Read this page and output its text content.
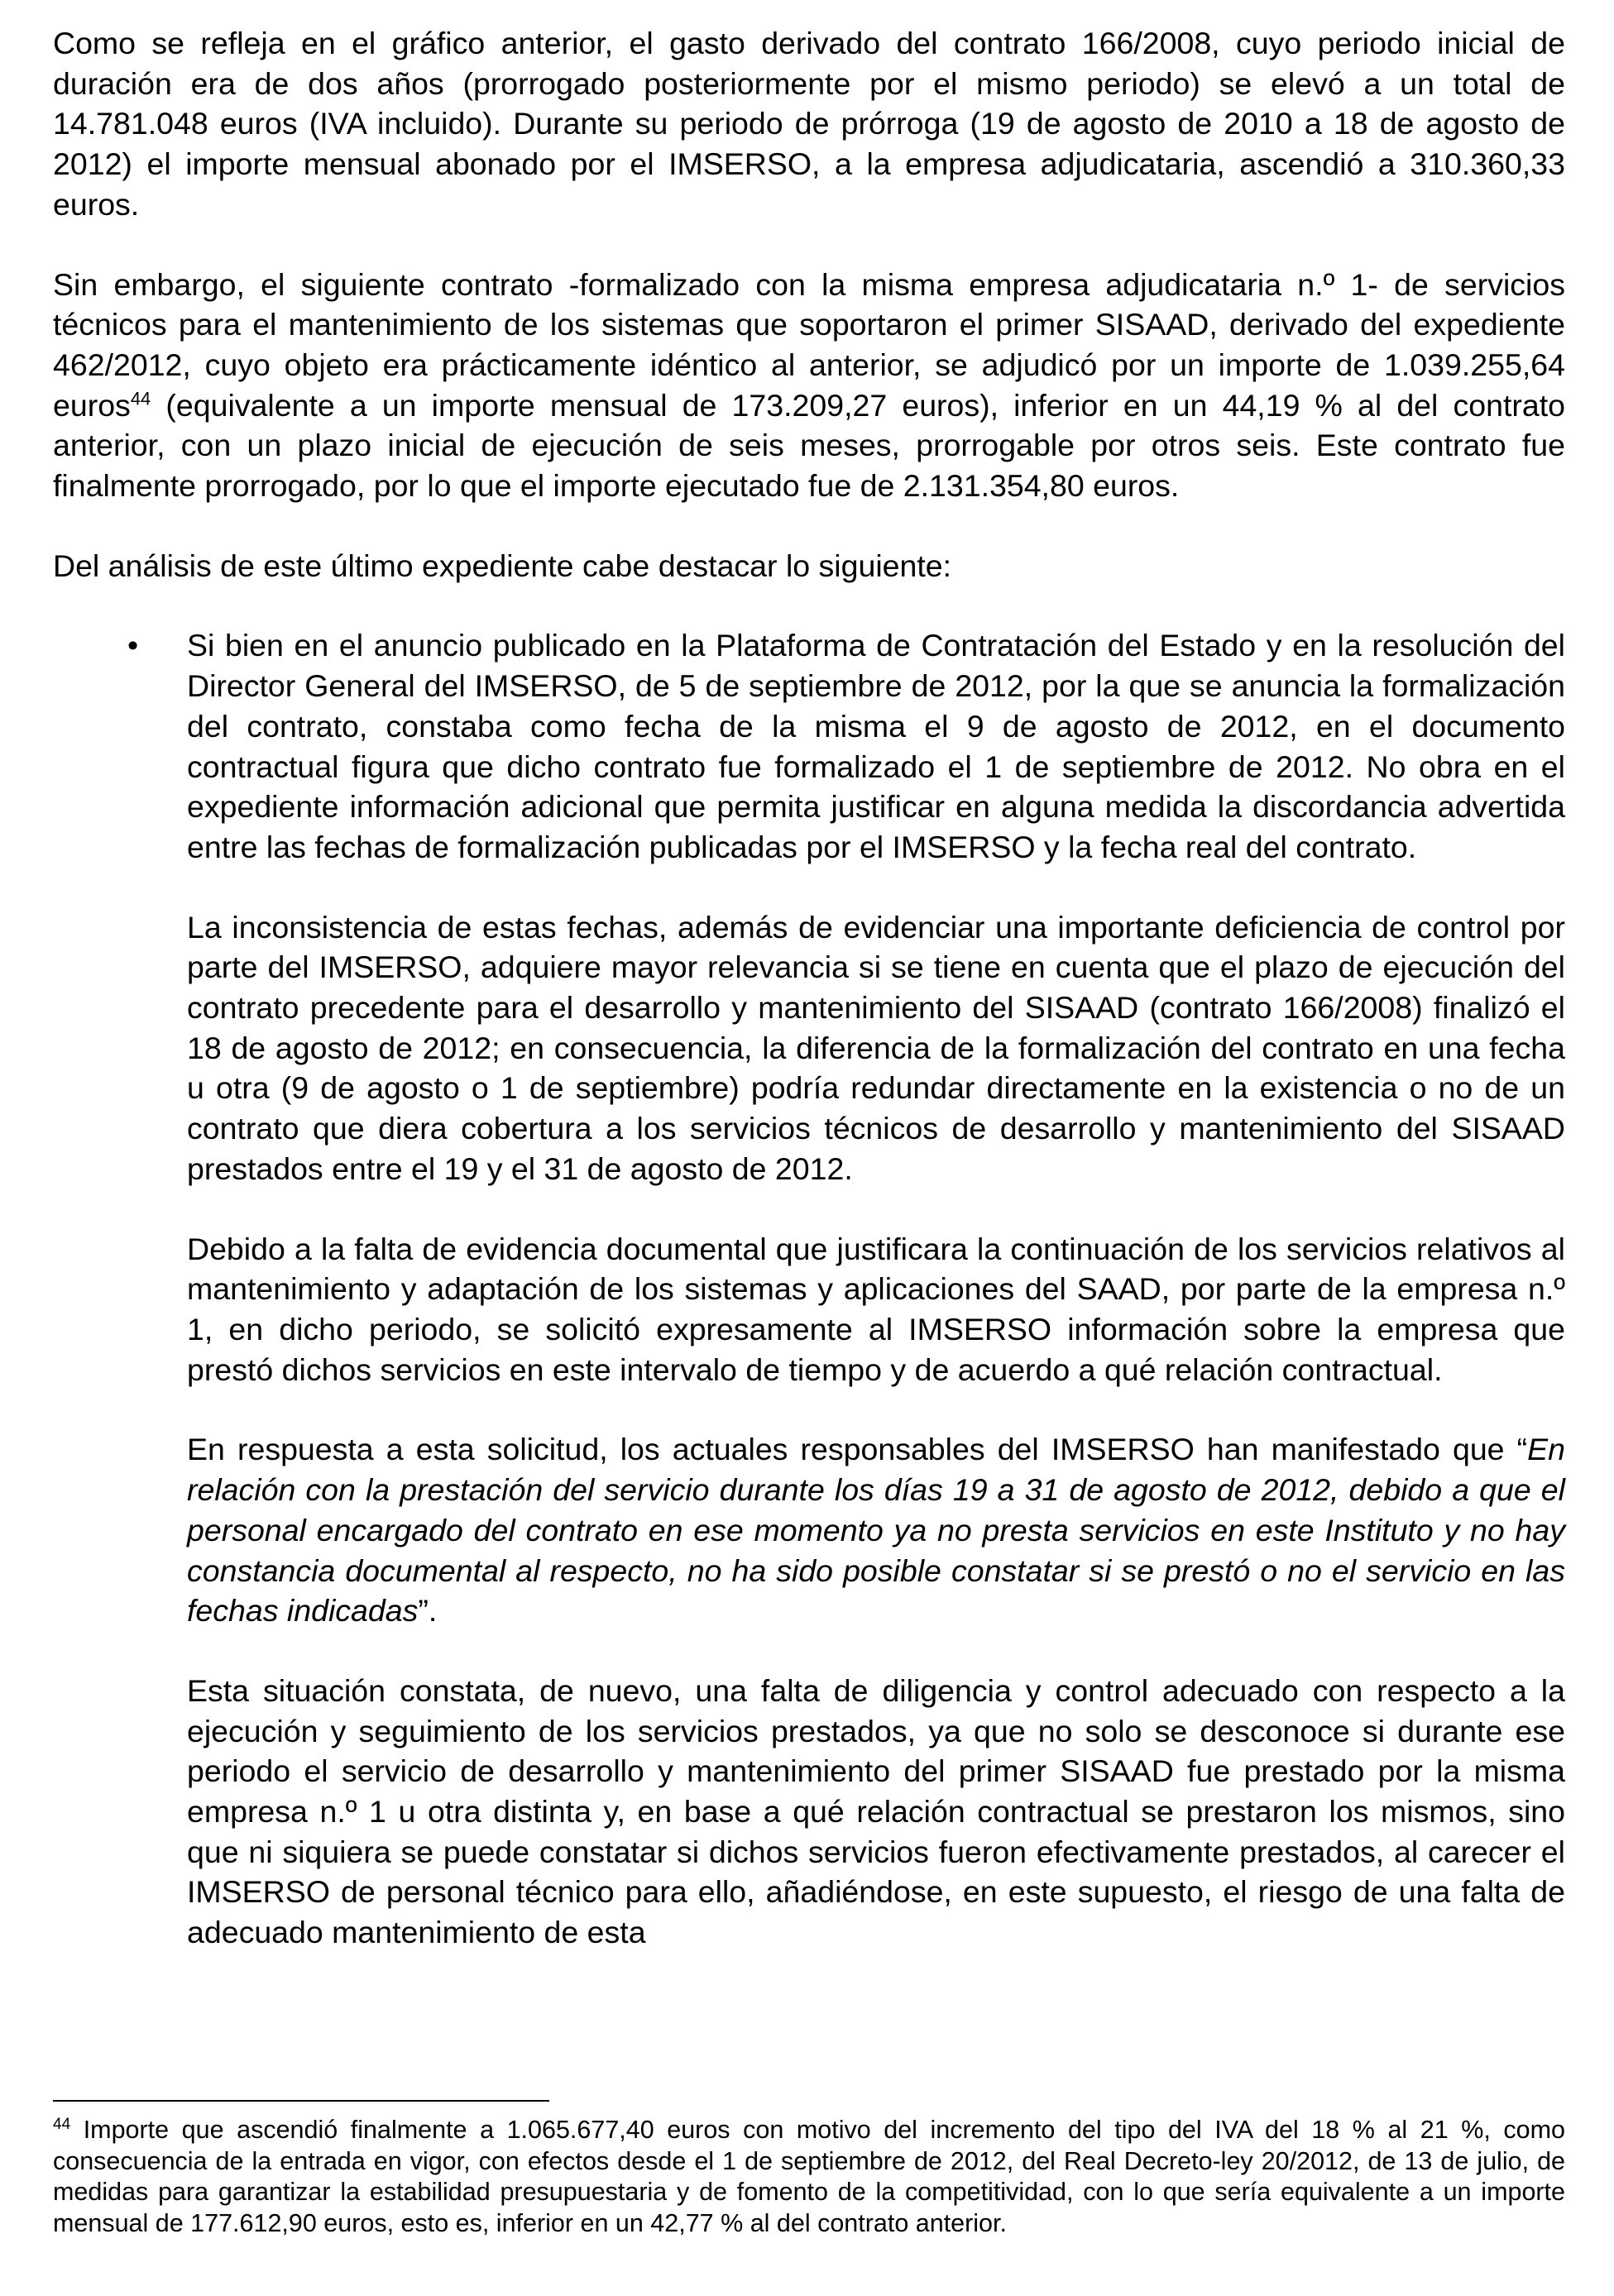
Como se refleja en el gráfico anterior, el gasto derivado del contrato 166/2008, cuyo periodo inicial de duración era de dos años (prorrogado posteriormente por el mismo periodo) se elevó a un total de 14.781.048 euros (IVA incluido). Durante su periodo de prórroga (19 de agosto de 2010 a 18 de agosto de 2012) el importe mensual abonado por el IMSERSO, a la empresa adjudicataria, ascendió a 310.360,33 euros.

Sin embargo, el siguiente contrato -formalizado con la misma empresa adjudicataria n.º 1- de servicios técnicos para el mantenimiento de los sistemas que soportaron el primer SISAAD, derivado del expediente 462/2012, cuyo objeto era prácticamente idéntico al anterior, se adjudicó por un importe de 1.039.255,64 euros$^{44}$ (equivalente a un importe mensual de 173.209,27 euros), inferior en un 44,19 % al del contrato anterior, con un plazo inicial de ejecución de seis meses, prorrogable por otros seis. Este contrato fue finalmente prorrogado, por lo que el importe ejecutado fue de 2.131.354,80 euros.

Del análisis de este último expediente cabe destacar lo siguiente:

• Si bien en el anuncio publicado en la Plataforma de Contratación del Estado y en la resolución del Director General del IMSERSO, de 5 de septiembre de 2012, por la que se anuncia la formalización del contrato, constaba como fecha de la misma el 9 de agosto de 2012, en el documento contractual figura que dicho contrato fue formalizado el 1 de septiembre de 2012. No obra en el expediente información adicional que permita justificar en alguna medida la discordancia advertida entre las fechas de formalización publicadas por el IMSERSO y la fecha real del contrato.

La inconsistencia de estas fechas, además de evidenciar una importante deficiencia de control por parte del IMSERSO, adquiere mayor relevancia si se tiene en cuenta que el plazo de ejecución del contrato precedente para el desarrollo y mantenimiento del SISAAD (contrato 166/2008) finalizó el 18 de agosto de 2012; en consecuencia, la diferencia de la formalización del contrato en una fecha u otra (9 de agosto o 1 de septiembre) podría redundar directamente en la existencia o no de un contrato que diera cobertura a los servicios técnicos de desarrollo y mantenimiento del SISAAD prestados entre el 19 y el 31 de agosto de 2012.

Debido a la falta de evidencia documental que justificara la continuación de los servicios relativos al mantenimiento y adaptación de los sistemas y aplicaciones del SAAD, por parte de la empresa n.º 1, en dicho periodo, se solicitó expresamente al IMSERSO información sobre la empresa que prestó dichos servicios en este intervalo de tiempo y de acuerdo a qué relación contractual.

En respuesta a esta solicitud, los actuales responsables del IMSERSO han manifestado que “En relación con la prestación del servicio durante los días 19 a 31 de agosto de 2012, debido a que el personal encargado del contrato en ese momento ya no presta servicios en este Instituto y no hay constancia documental al respecto, no ha sido posible constatar si se prestó o no el servicio en las fechas indicadas”.

Esta situación constata, de nuevo, una falta de diligencia y control adecuado con respecto a la ejecución y seguimiento de los servicios prestados, ya que no solo se desconoce si durante ese periodo el servicio de desarrollo y mantenimiento del primer SISAAD fue prestado por la misma empresa n.º 1 u otra distinta y, en base a qué relación contractual se prestaron los mismos, sino que ni siquiera se puede constatar si dichos servicios fueron efectivamente prestados, al carecer el IMSERSO de personal técnico para ello, añadiéndose, en este supuesto, el riesgo de una falta de adecuado mantenimiento de esta

$^{44}$ Importe que ascendió finalmente a 1.065.677,40 euros con motivo del incremento del tipo del IVA del 18 % al 21 %, como consecuencia de la entrada en vigor, con efectos desde el 1 de septiembre de 2012, del Real Decreto-ley 20/2012, de 13 de julio, de medidas para garantizar la estabilidad presupuestaria y de fomento de la competitividad, con lo que sería equivalente a un importe mensual de 177.612,90 euros, esto es, inferior en un 42,77 % al del contrato anterior.
